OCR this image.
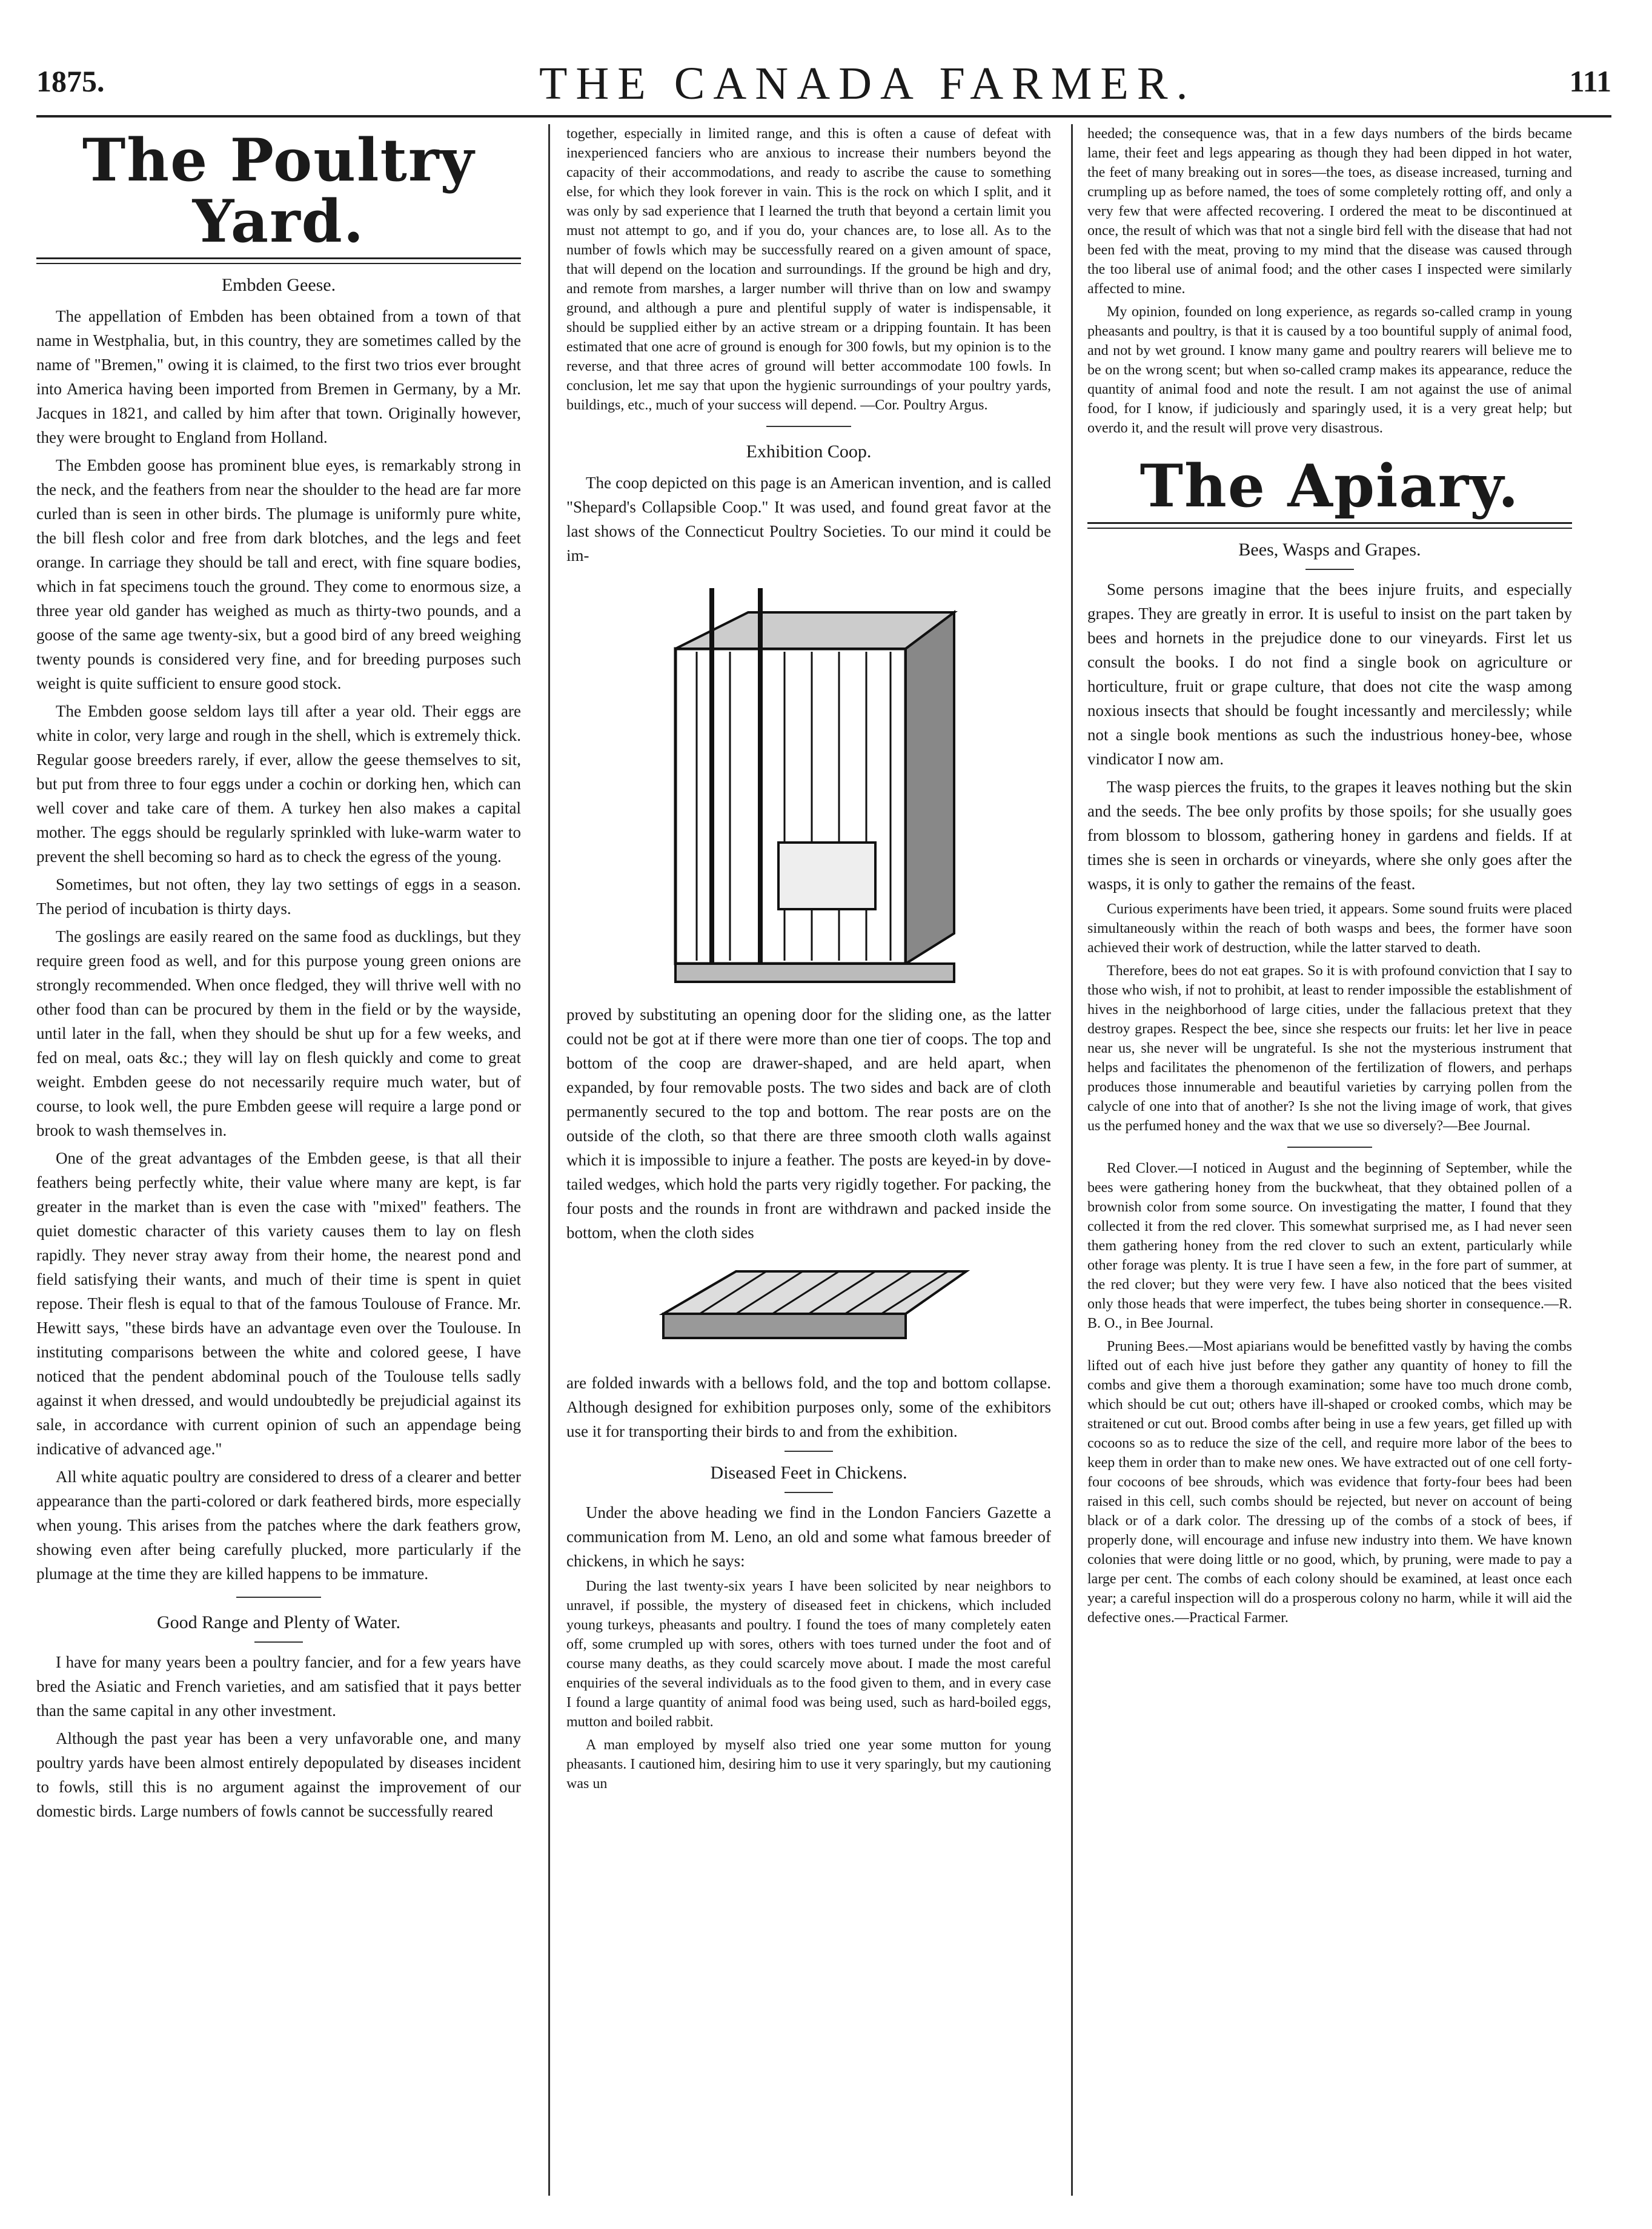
1875.	THE CANADA FARMER.	111
The Poultry Yard.
Embden Geese.

The appellation of Embden has been obtained from a town of that name in Westphalia, but, in this country, they are sometimes called by the name of "Bremen," owing it is claimed, to the first two trios ever brought into America having been imported from Bremen in Germany, by a Mr. Jacques in 1821, and called by him after that town. Originally however, they were brought to England from Holland.

The Embden goose has prominent blue eyes, is remarkably strong in the neck, and the feathers from near the shoulder to the head are far more curled than is seen in other birds. The plumage is uniformly pure white, the bill flesh color and free from dark blotches, and the legs and feet orange. In carriage they should be tall and erect, with fine square bodies, which in fat specimens touch the ground. They come to enormous size, a three year old gander has weighed as much as thirty-two pounds, and a goose of the same age twenty-six, but a good bird of any breed weighing twenty pounds is considered very fine, and for breeding purposes such weight is quite sufficient to ensure good stock.

The Embden goose seldom lays till after a year old. Their eggs are white in color, very large and rough in the shell, which is extremely thick. Regular goose breeders rarely, if ever, allow the geese themselves to sit, but put from three to four eggs under a cochin or dorking hen, which can well cover and take care of them. A turkey hen also makes a capital mother. The eggs should be regularly sprinkled with luke-warm water to prevent the shell becoming so hard as to check the egress of the young.

Sometimes, but not often, they lay two settings of eggs in a season. The period of incubation is thirty days.

The goslings are easily reared on the same food as ducklings, but they require green food as well, and for this purpose young green onions are strongly recommended. When once fledged, they will thrive well with no other food than can be procured by them in the field or by the wayside, until later in the fall, when they should be shut up for a few weeks, and fed on meal, oats &c.; they will lay on flesh quickly and come to great weight. Embden geese do not necessarily require much water, but of course, to look well, the pure Embden geese will require a large pond or brook to wash themselves in.

One of the great advantages of the Embden geese, is that all their feathers being perfectly white, their value where many are kept, is far greater in the market than is even the case with "mixed" feathers. The quiet domestic character of this variety causes them to lay on flesh rapidly. They never stray away from their home, the nearest pond and field satisfying their wants, and much of their time is spent in quiet repose. Their flesh is equal to that of the famous Toulouse of France. Mr. Hewitt says, "these birds have an advantage even over the Toulouse. In instituting comparisons between the white and colored geese, I have noticed that the pendent abdominal pouch of the Toulouse tells sadly against it when dressed, and would undoubtedly be prejudicial against its sale, in accordance with current opinion of such an appendage being indicative of advanced age."

All white aquatic poultry are considered to dress of a clearer and better appearance than the parti-colored or dark feathered birds, more especially when young. This arises from the patches where the dark feathers grow, showing even after being carefully plucked, more particularly if the plumage at the time they are killed happens to be immature.

Good Range and Plenty of Water.

I have for many years been a poultry fancier, and for a few years have bred the Asiatic and French varieties, and am satisfied that it pays better than the same capital in any other investment.

Although the past year has been a very unfavorable one, and many poultry yards have been almost entirely depopulated by diseases incident to fowls, still this is no argument against the improvement of our domestic birds. Large numbers of fowls cannot be successfully reared

together, especially in limited range, and this is often a cause of defeat with inexperienced fanciers who are anxious to increase their numbers beyond the capacity of their accommodations, and ready to ascribe the cause to something else, for which they look forever in vain. This is the rock on which I split, and it was only by sad experience that I learned the truth that beyond a certain limit you must not attempt to go, and if you do, your chances are, to lose all. As to the number of fowls which may be successfully reared on a given amount of space, that will depend on the location and surroundings. If the ground be high and dry, and remote from marshes, a larger number will thrive than on low and swampy ground, and although a pure and plentiful supply of water is indispensable, it should be supplied either by an active stream or a dripping fountain. It has been estimated that one acre of ground is enough for 300 fowls, but my opinion is to the reverse, and that three acres of ground will better accommodate 100 fowls. In conclusion, let me say that upon the hygienic surroundings of your poultry yards, buildings, etc., much of your success will depend. —Cor. Poultry Argus.

Exhibition Coop.

The coop depicted on this page is an American invention, and is called "Shepard's Collapsible Coop." It was used, and found great favor at the last shows of the Connecticut Poultry Societies. To our mind it could be im-

proved by substituting an opening door for the sliding one, as the latter could not be got at if there were more than one tier of coops. The top and bottom of the coop are drawer-shaped, and are held apart, when expanded, by four removable posts. The two sides and back are of cloth permanently secured to the top and bottom. The rear posts are on the outside of the cloth, so that there are three smooth cloth walls against which it is impossible to injure a feather. The posts are keyed-in by dove-tailed wedges, which hold the parts very rigidly together. For packing, the four posts and the rounds in front are withdrawn and packed inside the bottom, when the cloth sides

are folded inwards with a bellows fold, and the top and bottom collapse. Although designed for exhibition purposes only, some of the exhibitors use it for transporting their birds to and from the exhibition.

Diseased Feet in Chickens.

Under the above heading we find in the London Fanciers Gazette a communication from M. Leno, an old and some what famous breeder of chickens, in which he says:

During the last twenty-six years I have been solicited by near neighbors to unravel, if possible, the mystery of diseased feet in chickens, which included young turkeys, pheasants and poultry. I found the toes of many completely eaten off, some crumpled up with sores, others with toes turned under the foot and of course many deaths, as they could scarcely move about. I made the most careful enquiries of the several individuals as to the food given to them, and in every case I found a large quantity of animal food was being used, such as hard-boiled eggs, mutton and boiled rabbit.

A man employed by myself also tried one year some mutton for young pheasants. I cautioned him, desiring him to use it very sparingly, but my cautioning was un

heeded; the consequence was, that in a few days numbers of the birds became lame, their feet and legs appearing as though they had been dipped in hot water, the feet of many breaking out in sores—the toes, as disease increased, turning and crumpling up as before named, the toes of some completely rotting off, and only a very few that were affected recovering. I ordered the meat to be discontinued at once, the result of which was that not a single bird fell with the disease that had not been fed with the meat, proving to my mind that the disease was caused through the too liberal use of animal food; and the other cases I inspected were similarly affected to mine.

My opinion, founded on long experience, as regards so-called cramp in young pheasants and poultry, is that it is caused by a too bountiful supply of animal food, and not by wet ground. I know many game and poultry rearers will believe me to be on the wrong scent; but when so-called cramp makes its appearance, reduce the quantity of animal food and note the result. I am not against the use of animal food, for I know, if judiciously and sparingly used, it is a very great help; but overdo it, and the result will prove very disastrous.

The Apiary.
Bees, Wasps and Grapes.

Some persons imagine that the bees injure fruits, and especially grapes. They are greatly in error. It is useful to insist on the part taken by bees and hornets in the prejudice done to our vineyards. First let us consult the books. I do not find a single book on agriculture or horticulture, fruit or grape culture, that does not cite the wasp among noxious insects that should be fought incessantly and mercilessly; while not a single book mentions as such the industrious honey-bee, whose vindicator I now am.

The wasp pierces the fruits, to the grapes it leaves nothing but the skin and the seeds. The bee only profits by those spoils; for she usually goes from blossom to blossom, gathering honey in gardens and fields. If at times she is seen in orchards or vineyards, where she only goes after the wasps, it is only to gather the remains of the feast.

Curious experiments have been tried, it appears. Some sound fruits were placed simultaneously within the reach of both wasps and bees, the former have soon achieved their work of destruction, while the latter starved to death.

Therefore, bees do not eat grapes. So it is with profound conviction that I say to those who wish, if not to prohibit, at least to render impossible the establishment of hives in the neighborhood of large cities, under the fallacious pretext that they destroy grapes. Respect the bee, since she respects our fruits: let her live in peace near us, she never will be ungrateful. Is she not the mysterious instrument that helps and facilitates the phenomenon of the fertilization of flowers, and perhaps produces those innumerable and beautiful varieties by carrying pollen from the calycle of one into that of another? Is she not the living image of work, that gives us the perfumed honey and the wax that we use so diversely?—Bee Journal.

Red Clover.—I noticed in August and the beginning of September, while the bees were gathering honey from the buckwheat, that they obtained pollen of a brownish color from some source. On investigating the matter, I found that they collected it from the red clover. This somewhat surprised me, as I had never seen them gathering honey from the red clover to such an extent, particularly while other forage was plenty. It is true I have seen a few, in the fore part of summer, at the red clover; but they were very few. I have also noticed that the bees visited only those heads that were imperfect, the tubes being shorter in consequence.—R. B. O., in Bee Journal.

Pruning Bees.—Most apiarians would be benefitted vastly by having the combs lifted out of each hive just before they gather any quantity of honey to fill the combs and give them a thorough examination; some have too much drone comb, which should be cut out; others have ill-shaped or crooked combs, which may be straitened or cut out. Brood combs after being in use a few years, get filled up with cocoons so as to reduce the size of the cell, and require more labor of the bees to keep them in order than to make new ones. We have extracted out of one cell forty-four cocoons of bee shrouds, which was evidence that forty-four bees had been raised in this cell, such combs should be rejected, but never on account of being black or of a dark color. The dressing up of the combs of a stock of bees, if properly done, will encourage and infuse new industry into them. We have known colonies that were doing little or no good, which, by pruning, were made to pay a large per cent. The combs of each colony should be examined, at least once each year; a careful inspection will do a prosperous colony no harm, while it will aid the defective ones.—Practical Farmer.
